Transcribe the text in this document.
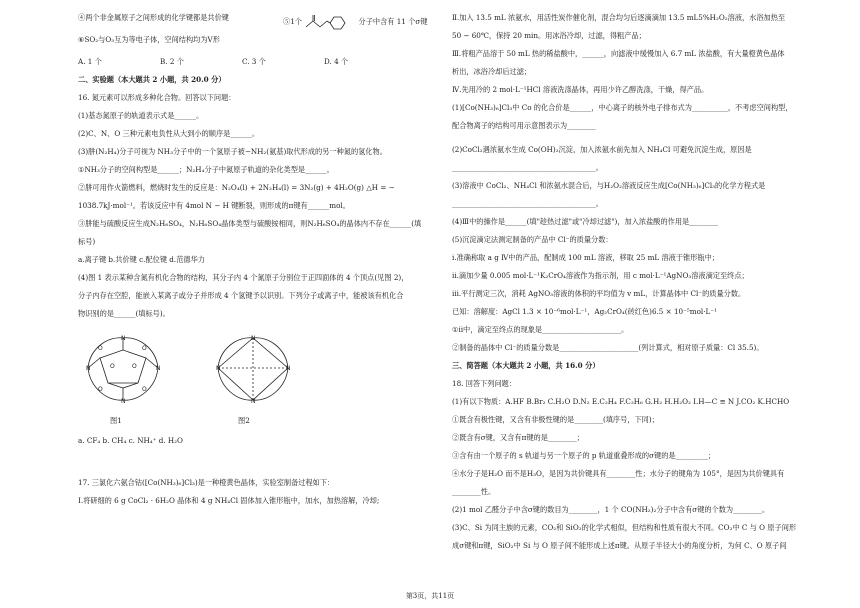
④两个非金属原子之间形成的化学键都是共价键	⑤1个	分子中含有 11 个σ键
⑥SO₂与O₃互为等电子体，空间结构均为V形
A. 1 个	B. 2 个	C. 3 个	D. 4 个
二、实验题（本大题共 2 小题，共 20.0 分）
16. 氮元素可以形成多种化合物。回答以下问题：
(1)基态氮原子的轨道表示式是______。
(2)C、N、O 三种元素电负性从大到小的顺序是______。
(3)肼(N₂H₄)分子可视为 NH₃分子中的一个氢原子被−NH₂(氨基)取代形成的另一种氮的氢化物。
①NH₃分子的空间构型是______；N₂H₄分子中氮原子轨道的杂化类型是______。
②肼可用作火箭燃料，燃烧时发生的反应是：N₂O₄(l) + 2N₂H₄(l) = 3N₂(g) + 4H₂O(g) △H = −
1038.7kJ·mol⁻¹。若该反应中有 4mol N − H 键断裂，则形成的π键有______mol。
③肼能与硫酸反应生成N₂H₆SO₄，N₂H₆SO₄晶体类型与硫酸铵相同，则N₂H₆SO₄的晶体内不存在______(填
标号)
a.离子键 b.共价键 c.配位键 d.范德华力
(4)图 1 表示某种含氮有机化合物的结构，其分子内 4 个氮原子分别位于正四面体的 4 个顶点(见图 2)，
分子内存在空腔，能嵌入某离子或分子并形成 4 个氢键予以识别。下列分子或离子中，能被该有机化合
物识别的是______(填标号)。
N	N
N
N
O	O
O	O
O	O
图1
N	N
N
N
图2
a. CF₄ b. CH₄ c. NH₄⁺ d. H₂O
17. 三氯化六氨合钴([Co(NH₃)₆]Cl₃)是一种橙黄色晶体，实验室制备过程如下：
Ⅰ.将研细的 6 g CoCl₂ · 6H₂O 晶体和 4 g NH₄Cl 固体加入锥形瓶中，加水，加热溶解，冷却;
Ⅱ.加入 13.5 mL 浓氨水，用活性炭作催化剂，混合均匀后逐滴滴加 13.5 mL5%H₂O₂溶液，水浴加热至
50 ∼ 60℃，保持 20 min。用冰浴冷却，过滤，得粗产品；
Ⅲ.将粗产品溶于 50 mL 热的稀盐酸中，______，向滤液中缓慢加入 6.7 mL 浓盐酸，有大量橙黄色晶体
析出，冰浴冷却后过滤；
Ⅳ.先用冷的 2 mol·L⁻¹HCl 溶液洗涤晶体，再用少许乙醇洗涤，干燥，得产品。
(1)[Co(NH₃)₆]Cl₃中 Co 的化合价是______，中心离子的核外电子排布式为__________，不考虑空间构型，
配合物离子的结构可用示意图表示为________
(2)CoCl₂遇浓氨水生成 Co(OH)₂沉淀，加入浓氨水前先加入 NH₄Cl 可避免沉淀生成，原因是
________________________________________。
(3)溶液中 CoCl₂、NH₄Cl 和浓氨水混合后，与H₂O₂溶液反应生成[Co(NH₃)₆]Cl₃的化学方程式是
________________________________________。
(4)Ⅲ中的操作是______(填"趁热过滤"或"冷却过滤")，加入浓盐酸的作用是________
(5)沉淀滴定法测定制备的产品中 Cl⁻的质量分数：
ⅰ.准确称取 a g Ⅳ中的产品，配制成 100 mL 溶液，移取 25 mL 溶液于锥形瓶中；
ⅱ.滴加少量 0.005 mol·L⁻¹K₂CrO₄溶液作为指示剂，用 c mol·L⁻¹AgNO₃溶液滴定至终点；
ⅲ.平行测定三次，消耗 AgNO₃溶液的体积的平均值为 v mL，计算晶体中 Cl⁻的质量分数。
已知：溶解度：AgCl 1.3 × 10⁻⁶mol·L⁻¹，Ag₂CrO₄(砖红色)6.5 × 10⁻⁵mol·L⁻¹
①ⅱ中，滴定至终点的现象是______________________。
②制备的晶体中 Cl⁻的质量分数是______________________(列计算式，相对原子质量：Cl 35.5)。
三、简答题（本大题共 2 小题，共 16.0 分）
18. 回答下列问题：
(1)有以下物质：A.HF B.Br₂ C.H₂O D.N₂ E.C₂H₄ F.C₂H₆ G.H₂ H.H₂O₂ I.H—C ≡ N J.CO₂ K.HCHO
①既含有极性键，又含有非极性键的是________(填序号，下同)；
②既含有σ键，又含有π键的是________；
③含有由一个原子的 s 轨道与另一个原子的 p 轨道重叠形成的σ键的是_________；
④水分子是H₂O 而不是H₃O，是因为共价键具有________性；水分子的键角为 105°，是因为共价键具有
________性。
(2)1 mol 乙醛分子中含σ键的数目为________，1 个 CO(NH₂)₂分子中含有σ键的个数为________。
(3)C、Si 为同主族的元素，CO₂和 SiO₂的化学式相似，但结构和性质有很大不同。CO₂中 C 与 O 原子间形
成σ键和π键，SiO₂中 Si 与 O 原子间不能形成上述π键。从原子半径大小的角度分析，为何 C、O 原子间
第3页，共11页
